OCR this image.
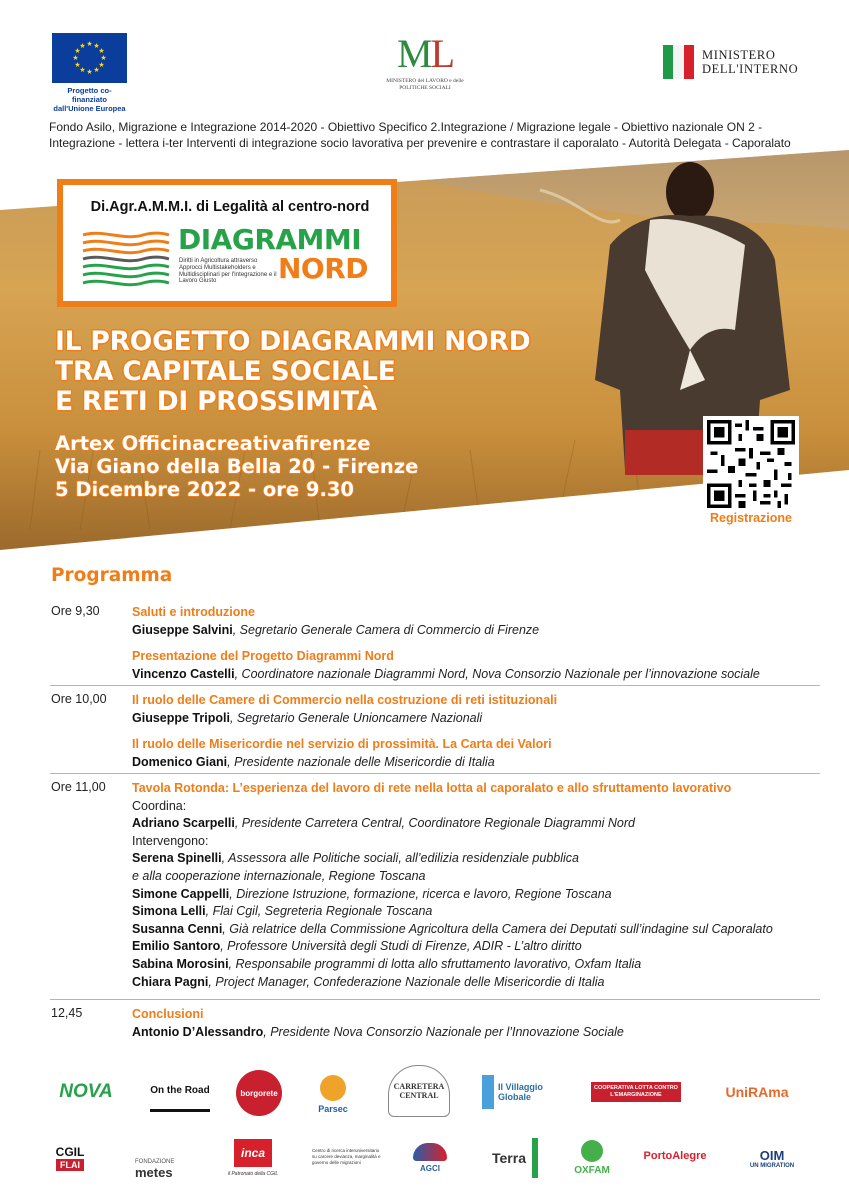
★ ★
★
★
★
★
★
★
★
★
★
★
Progetto co-finanziato dall'Unione Europea
ML
MINISTERO del LAVORO e delle POLITICHE SOCIALI
MINISTERO
DELL'INTERNO
Fondo Asilo, Migrazione e Integrazione 2014-2020 - Obiettivo Specifico 2.Integrazione / Migrazione legale - Obiettivo nazionale ON 2 - Integrazione - lettera i-ter Interventi di integrazione socio lavorativa per prevenire e contrastare il caporalato - Autorità Delegata - Caporalato
Di.Agr.A.M.M.I. di Legalità al centro-nord
DIAGRAMMI
Diritti in Agricoltura attraverso Approcci Multistakeholders e Multidisciplinari per l'Integrazione e il Lavoro Giusto	NORD
IL PROGETTO DIAGRAMMI NORD
TRA CAPITALE SOCIALE
E RETI DI PROSSIMITÀ
Artex Officinacreativafirenze
Via Giano della Bella 20 - Firenze
5 Dicembre 2022 - ore 9.30
Registrazione
Programma
Ore 9,30	Saluti e introduzione
Giuseppe Salvini, Segretario Generale Camera di Commercio di Firenze
Presentazione del Progetto Diagrammi Nord
Vincenzo Castelli, Coordinatore nazionale Diagrammi Nord, Nova Consorzio Nazionale per l’innovazione sociale
Ore 10,00 Il ruolo delle Camere di Commercio nella costruzione di reti istituzionali
Giuseppe Tripoli, Segretario Generale Unioncamere Nazionali
Il ruolo delle Misericordie nel servizio di prossimità. La Carta dei Valori
Domenico Giani, Presidente nazionale delle Misericordie di Italia
Ore 11,00 Tavola Rotonda: L’esperienza del lavoro di rete nella lotta al caporalato e allo sfruttamento lavorativo
Coordina:
Adriano Scarpelli, Presidente Carretera Central, Coordinatore Regionale Diagrammi Nord
Intervengono:
Serena Spinelli, Assessora alle Politiche sociali, all’edilizia residenziale pubblica
e alla cooperazione internazionale, Regione Toscana
Simone Cappelli, Direzione Istruzione, formazione, ricerca e lavoro, Regione Toscana
Simona Lelli, Flai Cgil, Segreteria Regionale Toscana
Susanna Cenni, Già relatrice della Commissione Agricoltura della Camera dei Deputati sull’indagine sul Caporalato
Emilio Santoro, Professore Università degli Studi di Firenze, ADIR - L’altro diritto
Sabina Morosini, Responsabile programmi di lotta allo sfruttamento lavorativo, Oxfam Italia
Chiara Pagni, Project Manager, Confederazione Nazionale delle Misericordie di Italia
12,45	Conclusioni
Antonio D’Alessandro, Presidente Nova Consorzio Nazionale per l’Innovazione Sociale
NOVA	On the Road	borgorete
Parsec
CARRETERA CENTRAL
Il Villaggio Globale
COOPERATIVA LOTTA CONTRO L'EMARGINAZIONE	UniRAma
CGIL
FLAI	FONDAZIONE
metes
inca
il Patronato della CGIL
Centro di ricerca interuniversitario su carcere devianza, marginalità e governo delle migrazioni
AGCI
Terra
OXFAM
PortoAlegre	OIM
UN MIGRATION
